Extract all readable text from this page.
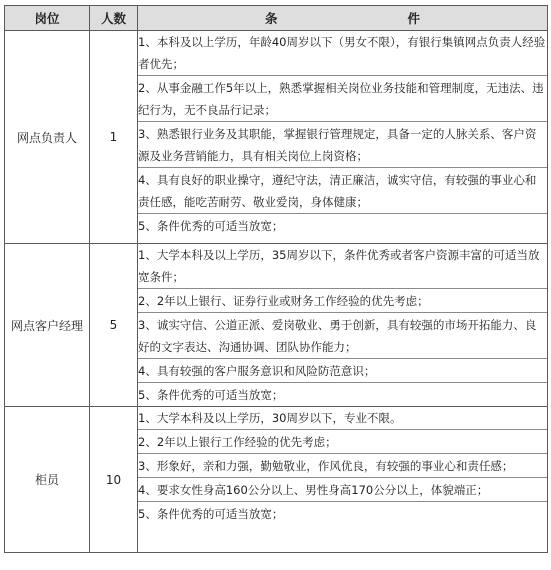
岗位	人数	条 件
网点负责人	1	1、本科及以上学历，年龄40周岁以下（男女不限），有银行集镇网点负责人经验者优先；
2、从事金融工作5年以上，熟悉掌握相关岗位业务技能和管理制度，无违法、违纪行为，无不良品行记录；
3、熟悉银行业务及其职能，掌握银行管理规定，具备一定的人脉关系、客户资源及业务营销能力，具有相关岗位上岗资格；
4、具有良好的职业操守，遵纪守法，清正廉洁，诚实守信，有较强的事业心和责任感，能吃苦耐劳、敬业爱岗，身体健康；
5、条件优秀的可适当放宽；

网点客户经理	5	1、大学本科及以上学历，35周岁以下，条件优秀或者客户资源丰富的可适当放宽条件；
2、2年以上银行、证券行业或财务工作经验的优先考虑；
3、诚实守信、公道正派、爱岗敬业、勇于创新，具有较强的市场开拓能力、良好的文字表达、沟通协调、团队协作能力；
4、具有较强的客户服务意识和风险防范意识；
5、条件优秀的可适当放宽；

柜员	10	1、大学本科及以上学历，30周岁以下，专业不限。
2、2年以上银行工作经验的优先考虑；
3、形象好，亲和力强，勤勉敬业，作风优良，有较强的事业心和责任感；
4、要求女性身高160公分以上、男性身高170公分以上，体貌端正；
5、条件优秀的可适当放宽；
